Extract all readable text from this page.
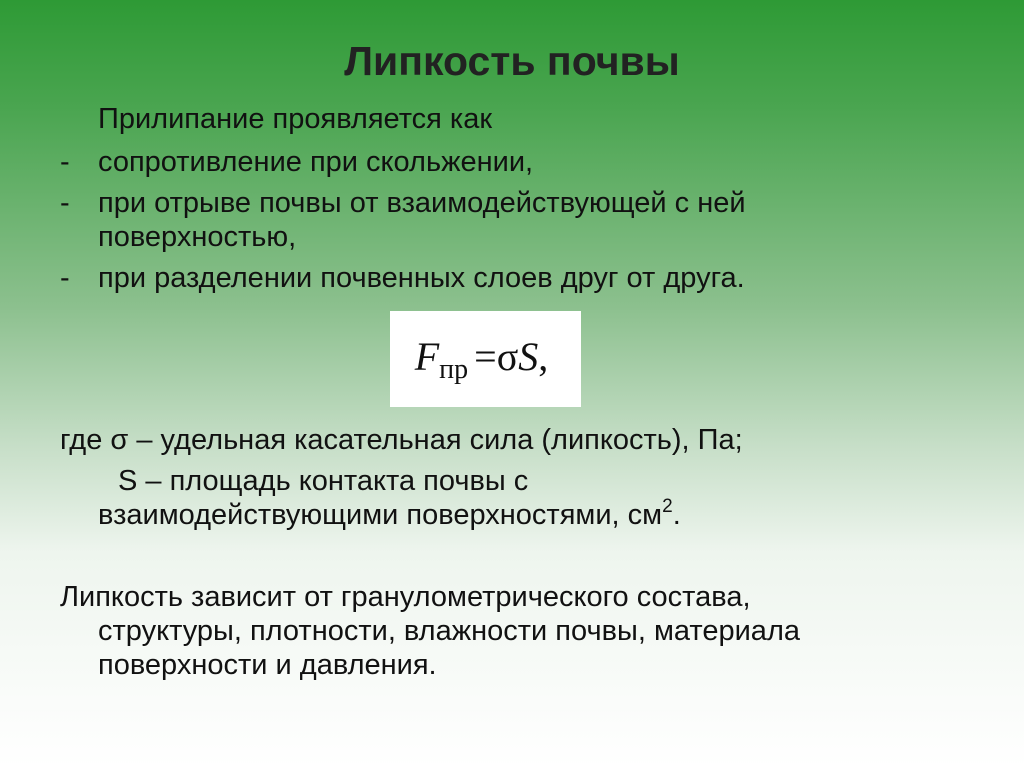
Липкость почвы
Прилипание проявляется как
- сопротивление при скольжении,
- при отрыве почвы от взаимодействующей с ней
поверхностью,
- при разделении почвенных слоев друг от друга.
$F_{пр} =\sigma S$,
где σ – удельная касательная сила (липкость), Па;
S – площадь контакта почвы с
взаимодействующими поверхностями, $см^2$.
Липкость зависит от гранулометрического состава,
структуры, плотности, влажности почвы, материала
поверхности и давления.
